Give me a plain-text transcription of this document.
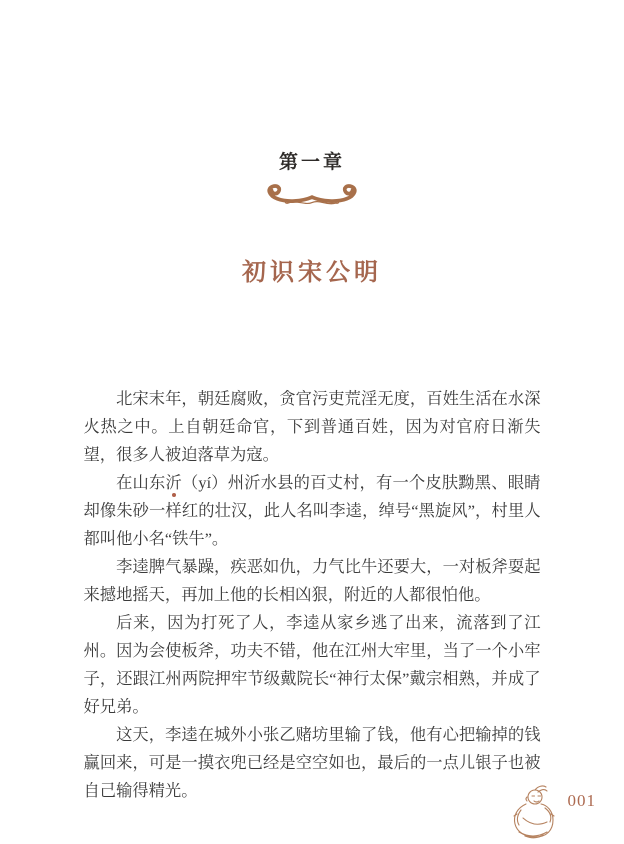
第一章
初识宋公明

北宋末年，朝廷腐败，贪官污吏荒淫无度，百姓生活在水深火热之中。上自朝廷命官，下到普通百姓，因为对官府日渐失望，很多人被迫落草为寇。

在山东沂（yí）州沂水县的百丈村，有一个皮肤黝黑、眼睛却像朱砂一样红的壮汉，此人名叫李逵，绰号“黑旋风”，村里人都叫他小名“铁牛”。

李逵脾气暴躁，疾恶如仇，力气比牛还要大，一对板斧耍起来撼地摇天，再加上他的长相凶狠，附近的人都很怕他。

后来，因为打死了人，李逵从家乡逃了出来，流落到了江州。因为会使板斧，功夫不错，他在江州大牢里，当了一个小牢子，还跟江州两院押牢节级戴院长“神行太保”戴宗相熟，并成了好兄弟。

这天，李逵在城外小张乙赌坊里输了钱，他有心把输掉的钱赢回来，可是一摸衣兜已经是空空如也，最后的一点儿银子也被自己输得精光。

001
